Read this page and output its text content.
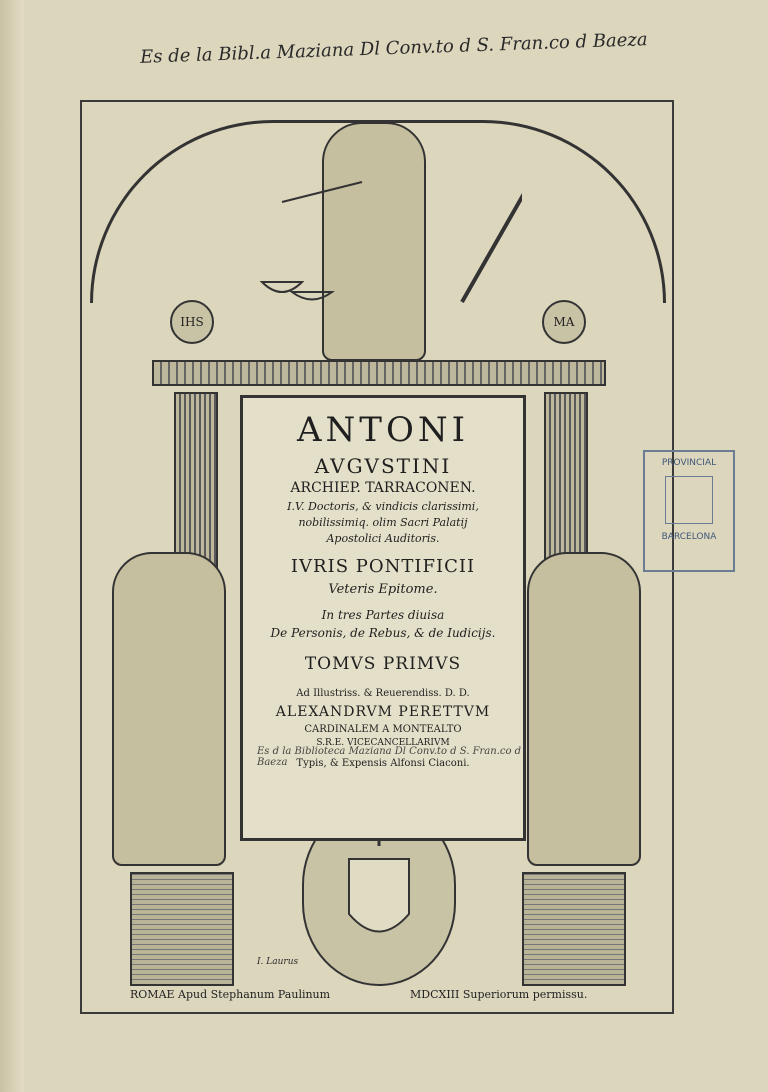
Es de la Bibl.a Maziana Dl Conv.to d S. Fran.co d Baeza
IHS	MA
I. Laurus
ANTONI
AVGVSTINI
ARCHIEP. TARRACONEN.
I.V. Doctoris, & vindicis clarissimi,
nobilissimiq. olim Sacri Palatij
Apostolici Auditoris.
IVRIS PONTIFICII
Veteris Epitome.
In tres Partes diuisa
De Personis, de Rebus, & de Iudicijs.
TOMVS PRIMVS
Ad Illustriss. & Reuerendiss. D. D.
ALEXANDRVM PERETTVM
CARDINALEM A MONTEALTO
S.R.E. VICECANCELLARIVM
Typis, & Expensis Alfonsi Ciaconi.
Es d la Biblioteca Maziana Dl Conv.to d S. Fran.co d Baeza
PROVINCIAL
BARCELONA
ROMAE Apud Stephanum Paulinum	MDCXIII Superiorum permissu.
